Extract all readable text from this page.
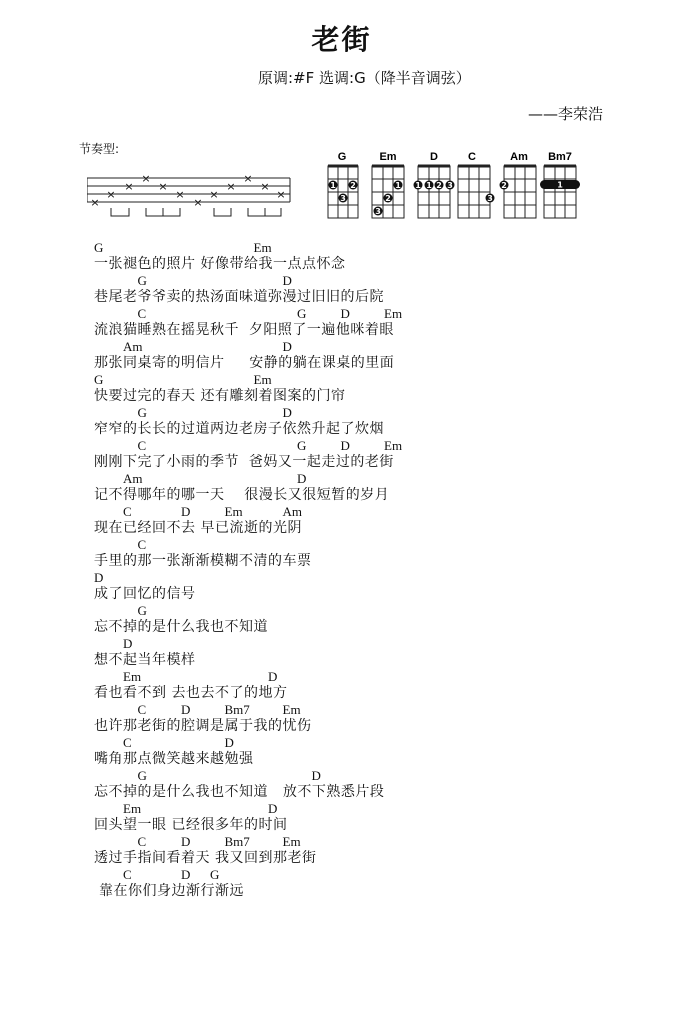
老街
原调:#F 选调:G（降半音调弦）
——李荣浩
节奏型:
×
×
×
×
×
×
×
×
×
×
×
×
G	Em	D	C	Am Bm7
1 2
3
1
2
3
1 1 2 3
3
2	1
G	Em
一张褪色的照片 好像带给我一点点怀念
G	D
巷尾老爷爷卖的热汤面味道弥漫过旧旧的后院
C	G	D	Em
流浪猫睡熟在摇晃秋千  夕阳照了一遍他咪着眼
Am	D
那张同桌寄的明信片     安静的躺在课桌的里面
G	Em
快要过完的春天 还有雕刻着图案的门帘
G	D
窄窄的长长的过道两边老房子依然升起了炊烟
C	G	D	Em
刚刚下完了小雨的季节  爸妈又一起走过的老街
Am	D
记不得哪年的哪一天    很漫长又很短暂的岁月
C	D	Em	Am
现在已经回不去 早已流逝的光阴
C
手里的那一张渐渐模糊不清的车票
D
成了回忆的信号
G
忘不掉的是什么我也不知道
D
想不起当年模样
Em	D
看也看不到 去也去不了的地方
C	D	Bm7	Em
也许那老街的腔调是属于我的忧伤
C	D
嘴角那点微笑越来越勉强
G	D
忘不掉的是什么我也不知道   放不下熟悉片段
Em	D
回头望一眼 已经很多年的时间
C	D	Bm7	Em
透过手指间看着天 我又回到那老街
C	D G
靠在你们身边渐行渐远
